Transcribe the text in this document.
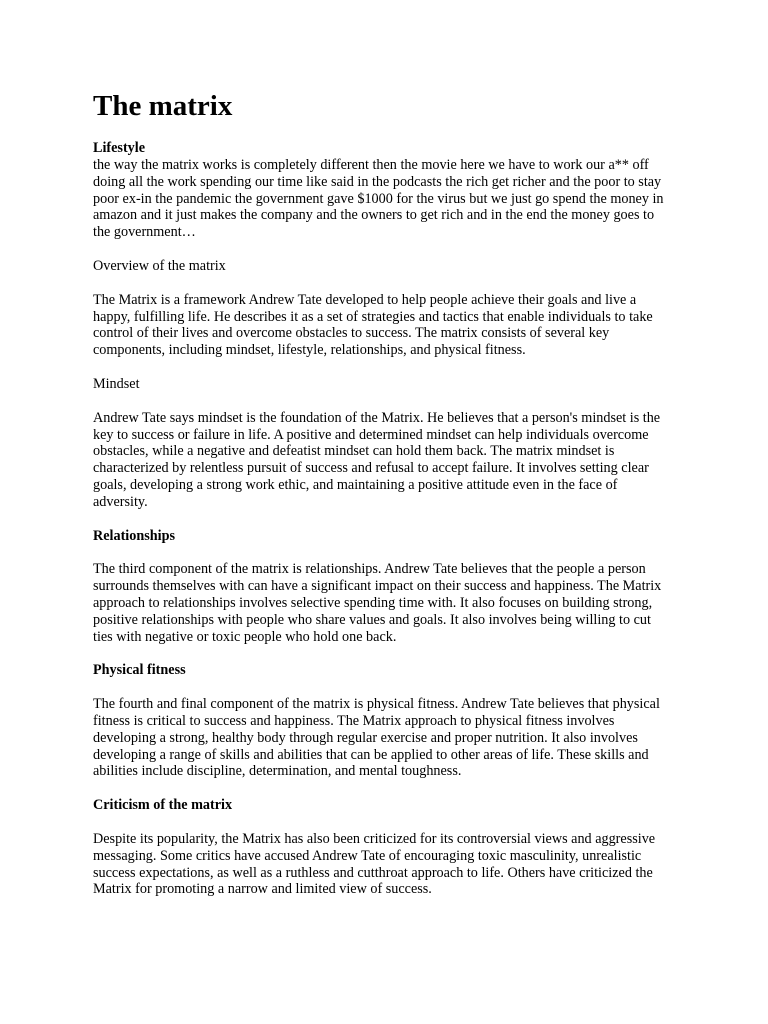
The matrix
Lifestyle

the way the matrix works is completely different then the movie here we have to work our a** off doing all the work spending our time like said in the podcasts the rich get richer and the poor to stay poor ex-in the pandemic the government gave $1000 for the virus but we just go spend the money in amazon and it just makes the company and the owners to get rich and in the end the money goes to the government…

Overview of the matrix

The Matrix is a framework Andrew Tate developed to help people achieve their goals and live a happy, fulfilling life. He describes it as a set of strategies and tactics that enable individuals to take control of their lives and overcome obstacles to success. The matrix consists of several key components, including mindset, lifestyle, relationships, and physical fitness.

Mindset

Andrew Tate says mindset is the foundation of the Matrix. He believes that a person's mindset is the key to success or failure in life. A positive and determined mindset can help individuals overcome obstacles, while a negative and defeatist mindset can hold them back. The matrix mindset is characterized by relentless pursuit of success and refusal to accept failure. It involves setting clear goals, developing a strong work ethic, and maintaining a positive attitude even in the face of adversity.

Relationships

The third component of the matrix is relationships. Andrew Tate believes that the people a person surrounds themselves with can have a significant impact on their success and happiness. The Matrix approach to relationships involves selective spending time with. It also focuses on building strong, positive relationships with people who share values and goals. It also involves being willing to cut ties with negative or toxic people who hold one back.

Physical fitness

The fourth and final component of the matrix is physical fitness. Andrew Tate believes that physical fitness is critical to success and happiness. The Matrix approach to physical fitness involves developing a strong, healthy body through regular exercise and proper nutrition. It also involves developing a range of skills and abilities that can be applied to other areas of life. These skills and abilities include discipline, determination, and mental toughness.

Criticism of the matrix

Despite its popularity, the Matrix has also been criticized for its controversial views and aggressive messaging. Some critics have accused Andrew Tate of encouraging toxic masculinity, unrealistic success expectations, as well as a ruthless and cutthroat approach to life. Others have criticized the Matrix for promoting a narrow and limited view of success.
